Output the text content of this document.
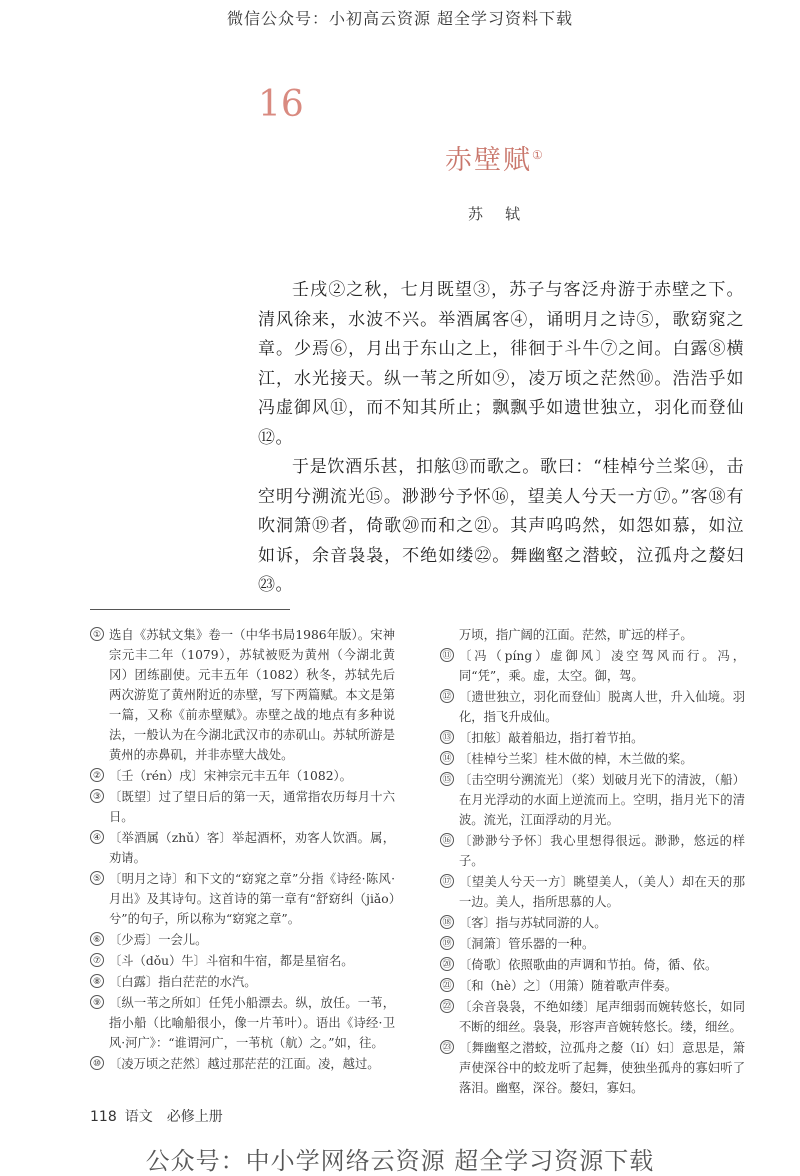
微信公众号：小初高云资源 超全学习资料下载
16
赤壁赋①
苏轼

壬戌②之秋，七月既望③，苏子与客泛舟游于赤壁之下。清风徐来，水波不兴。举酒属客④，诵明月之诗⑤，歌窈窕之章。少焉⑥，月出于东山之上，徘徊于斗牛⑦之间。白露⑧横江，水光接天。纵一苇之所如⑨，凌万顷之茫然⑩。浩浩乎如冯虚御风⑪，而不知其所止；飘飘乎如遗世独立，羽化而登仙⑫。

于是饮酒乐甚，扣舷⑬而歌之。歌曰：“桂棹兮兰桨⑭，击空明兮溯流光⑮。渺渺兮予怀⑯，望美人兮天一方⑰。”客⑱有吹洞箫⑲者，倚歌⑳而和之㉑。其声呜呜然，如怨如慕，如泣如诉，余音袅袅，不绝如缕㉒。舞幽壑之潜蛟，泣孤舟之嫠妇㉓。

① 选自《苏轼文集》卷一（中华书局1986年版）。宋神宗元丰二年（1079），苏轼被贬为黄州（今湖北黄冈）团练副使。元丰五年（1082）秋冬，苏轼先后两次游览了黄州附近的赤壁，写下两篇赋。本文是第一篇，又称《前赤壁赋》。赤壁之战的地点有多种说法，一般认为在今湖北武汉市的赤矶山。苏轼所游是黄州的赤鼻矶，并非赤壁大战处。
② 〔壬（rén）戌〕宋神宗元丰五年（1082）。
③ 〔既望〕过了望日后的第一天，通常指农历每月十六日。
④ 〔举酒属（zhǔ）客〕举起酒杯，劝客人饮酒。属，劝请。
⑤ 〔明月之诗〕和下文的“窈窕之章”分指《诗经·陈风·月出》及其诗句。这首诗的第一章有“舒窈纠（jiǎo）兮”的句子，所以称为“窈窕之章”。
⑥ 〔少焉〕一会儿。
⑦ 〔斗（dǒu）牛〕斗宿和牛宿，都是星宿名。
⑧ 〔白露〕指白茫茫的水汽。
⑨ 〔纵一苇之所如〕任凭小船漂去。纵，放任。一苇，指小船（比喻船很小，像一片苇叶）。语出《诗经·卫风·河广》：“谁谓河广，一苇杭（航）之。”如，往。
⑩ 〔凌万顷之茫然〕越过那茫茫的江面。凌，越过。
万顷，指广阔的江面。茫然，旷远的样子。
⑪ 〔冯（píng）虚御风〕凌空驾风而行。冯，同“凭”，乘。虚，太空。御，驾。
⑫ 〔遗世独立，羽化而登仙〕脱离人世，升入仙境。羽化，指飞升成仙。
⑬ 〔扣舷〕敲着船边，指打着节拍。
⑭ 〔桂棹兮兰桨〕桂木做的棹，木兰做的桨。
⑮ 〔击空明兮溯流光〕（桨）划破月光下的清波，（船）在月光浮动的水面上逆流而上。空明，指月光下的清波。流光，江面浮动的月光。
⑯ 〔渺渺兮予怀〕我心里想得很远。渺渺，悠远的样子。
⑰ 〔望美人兮天一方〕眺望美人，（美人）却在天的那一边。美人，指所思慕的人。
⑱ 〔客〕指与苏轼同游的人。
⑲ 〔洞箫〕管乐器的一种。
⑳ 〔倚歌〕依照歌曲的声调和节拍。倚，循、依。
㉑ 〔和（hè）之〕（用箫）随着歌声伴奏。
㉒ 〔余音袅袅，不绝如缕〕尾声细弱而婉转悠长，如同不断的细丝。袅袅，形容声音婉转悠长。缕，细丝。
㉓ 〔舞幽壑之潜蛟，泣孤舟之嫠（lí）妇〕意思是，箫声使深谷中的蛟龙听了起舞，使独坐孤舟的寡妇听了落泪。幽壑，深谷。嫠妇，寡妇。
118 语文　必修上册
公众号：中小学网络云资源 超全学习资源下载
